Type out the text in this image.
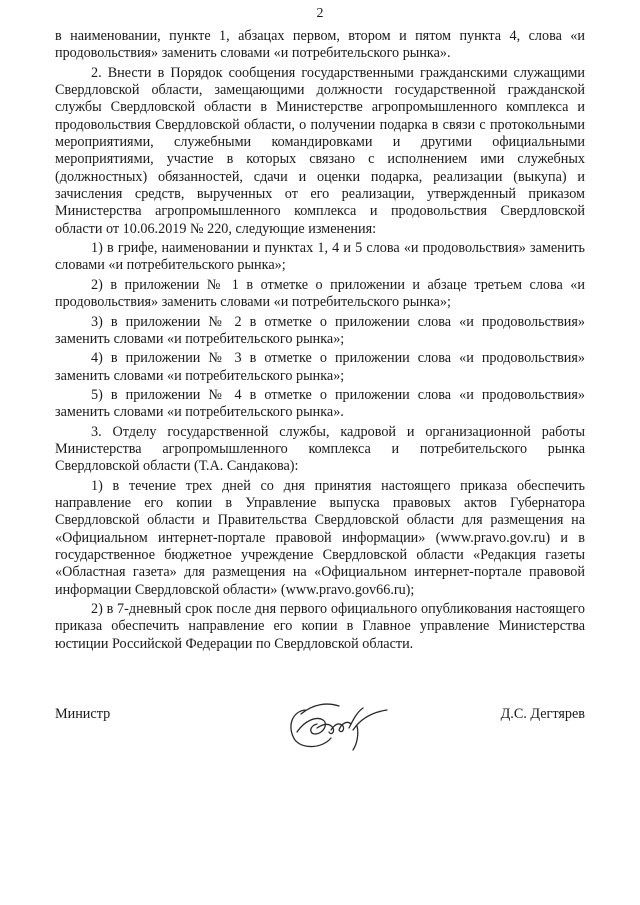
2

в наименовании, пункте 1, абзацах первом, втором и пятом пункта 4, слова «и продовольствия» заменить словами «и потребительского рынка».

2. Внести в Порядок сообщения государственными гражданскими служащими Свердловской области, замещающими должности государственной гражданской службы Свердловской области в Министерстве агропромышленного комплекса и продовольствия Свердловской области, о получении подарка в связи с протокольными мероприятиями, служебными командировками и другими официальными мероприятиями, участие в которых связано с исполнением ими служебных (должностных) обязанностей, сдачи и оценки подарка, реализации (выкупа) и зачисления средств, вырученных от его реализации, утвержденный приказом Министерства агропромышленного комплекса и продовольствия Свердловской области от 10.06.2019 № 220, следующие изменения:

1) в грифе, наименовании и пунктах 1, 4 и 5 слова «и продовольствия» заменить словами «и потребительского рынка»;

2) в приложении № 1 в отметке о приложении и абзаце третьем слова «и продовольствия» заменить словами «и потребительского рынка»;

3) в приложении № 2 в отметке о приложении слова «и продовольствия» заменить словами «и потребительского рынка»;

4) в приложении № 3 в отметке о приложении слова «и продовольствия» заменить словами «и потребительского рынка»;

5) в приложении № 4 в отметке о приложении слова «и продовольствия» заменить словами «и потребительского рынка».

3. Отделу государственной службы, кадровой и организационной работы Министерства агропромышленного комплекса и потребительского рынка Свердловской области (Т.А. Сандакова):

1) в течение трех дней со дня принятия настоящего приказа обеспечить направление его копии в Управление выпуска правовых актов Губернатора Свердловской области и Правительства Свердловской области для размещения на «Официальном интернет-портале правовой информации» (www.pravo.gov.ru) и в государственное бюджетное учреждение Свердловской области «Редакция газеты «Областная газета» для размещения на «Официальном интернет-портале правовой информации Свердловской области» (www.pravo.gov66.ru);

2) в 7-дневный срок после дня первого официального опубликования настоящего приказа обеспечить направление его копии в Главное управление Министерства юстиции Российской Федерации по Свердловской области.

Министр	Д.С. Дегтярев
